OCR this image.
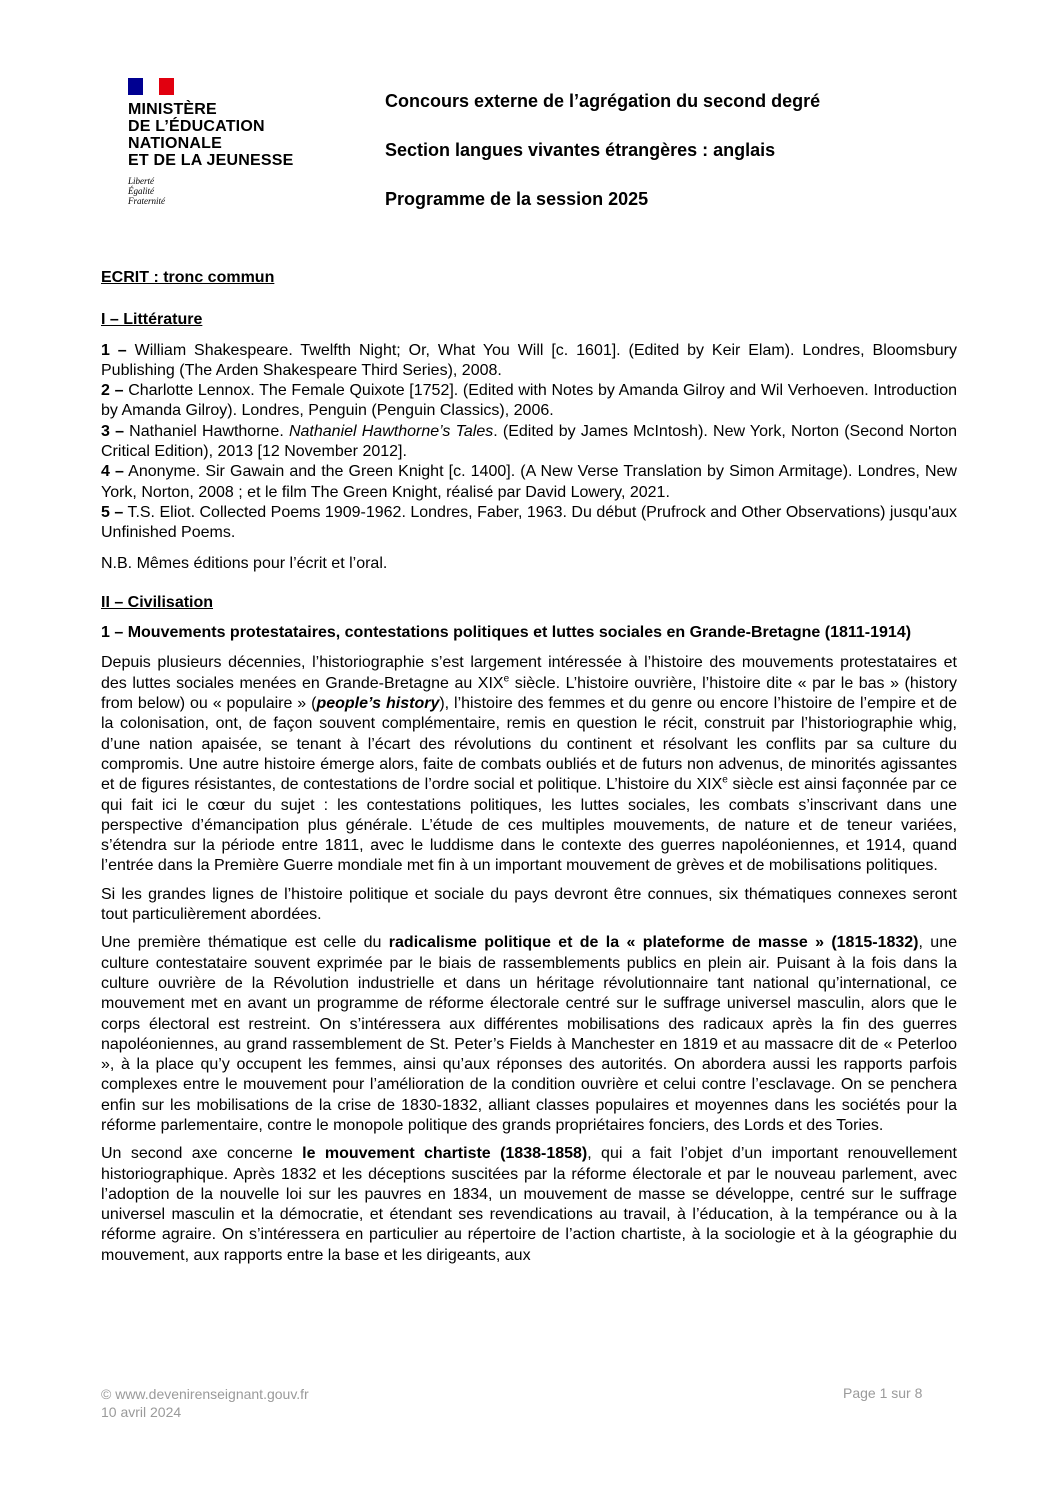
MINISTÈRE
DE L’ÉDUCATION
NATIONALE
ET DE LA JEUNESSE
Liberté
Égalité
Fraternité
Concours externe de l’agrégation du second degré
Section langues vivantes étrangères : anglais
Programme de la session 2025
ECRIT : tronc commun
I – Littérature

1 – William Shakespeare. Twelfth Night; Or, What You Will [c. 1601]. (Edited by Keir Elam). Londres, Bloomsbury Publishing (The Arden Shakespeare Third Series), 2008.

2 – Charlotte Lennox. The Female Quixote [1752]. (Edited with Notes by Amanda Gilroy and Wil Verhoeven. Introduction by Amanda Gilroy). Londres, Penguin (Penguin Classics), 2006.

3 – Nathaniel Hawthorne. Nathaniel Hawthorne’s Tales. (Edited by James McIntosh). New York, Norton (Second Norton Critical Edition), 2013 [12 November 2012].

4 – Anonyme. Sir Gawain and the Green Knight [c. 1400]. (A New Verse Translation by Simon Armitage). Londres, New York, Norton, 2008 ; et le film The Green Knight, réalisé par David Lowery, 2021.

5 – T.S. Eliot. Collected Poems 1909-1962. Londres, Faber, 1963. Du début (Prufrock and Other Observations) jusqu'aux Unfinished Poems.

N.B. Mêmes éditions pour l’écrit et l’oral.

II – Civilisation

1 – Mouvements protestataires, contestations politiques et luttes sociales en Grande-Bretagne (1811-1914)

Depuis plusieurs décennies, l’historiographie s’est largement intéressée à l’histoire des mouvements protestataires et des luttes sociales menées en Grande-Bretagne au XIXe siècle. L’histoire ouvrière, l’histoire dite « par le bas » (history from below) ou « populaire » (people’s history), l’histoire des femmes et du genre ou encore l’histoire de l’empire et de la colonisation, ont, de façon souvent complémentaire, remis en question le récit, construit par l’historiographie whig, d’une nation apaisée, se tenant à l’écart des révolutions du continent et résolvant les conflits par sa culture du compromis. Une autre histoire émerge alors, faite de combats oubliés et de futurs non advenus, de minorités agissantes et de figures résistantes, de contestations de l’ordre social et politique. L’histoire du XIXe siècle est ainsi façonnée par ce qui fait ici le cœur du sujet : les contestations politiques, les luttes sociales, les combats s’inscrivant dans une perspective d’émancipation plus générale. L’étude de ces multiples mouvements, de nature et de teneur variées, s’étendra sur la période entre 1811, avec le luddisme dans le contexte des guerres napoléoniennes, et 1914, quand l’entrée dans la Première Guerre mondiale met fin à un important mouvement de grèves et de mobilisations politiques.

Si les grandes lignes de l’histoire politique et sociale du pays devront être connues, six thématiques connexes seront tout particulièrement abordées.

Une première thématique est celle du radicalisme politique et de la « plateforme de masse » (1815-1832), une culture contestataire souvent exprimée par le biais de rassemblements publics en plein air. Puisant à la fois dans la culture ouvrière de la Révolution industrielle et dans un héritage révolutionnaire tant national qu’international, ce mouvement met en avant un programme de réforme électorale centré sur le suffrage universel masculin, alors que le corps électoral est restreint. On s’intéressera aux différentes mobilisations des radicaux après la fin des guerres napoléoniennes, au grand rassemblement de St. Peter’s Fields à Manchester en 1819 et au massacre dit de « Peterloo », à la place qu’y occupent les femmes, ainsi qu’aux réponses des autorités. On abordera aussi les rapports parfois complexes entre le mouvement pour l’amélioration de la condition ouvrière et celui contre l’esclavage. On se penchera enfin sur les mobilisations de la crise de 1830-1832, alliant classes populaires et moyennes dans les sociétés pour la réforme parlementaire, contre le monopole politique des grands propriétaires fonciers, des Lords et des Tories.

Un second axe concerne le mouvement chartiste (1838-1858), qui a fait l’objet d’un important renouvellement historiographique. Après 1832 et les déceptions suscitées par la réforme électorale et par le nouveau parlement, avec l’adoption de la nouvelle loi sur les pauvres en 1834, un mouvement de masse se développe, centré sur le suffrage universel masculin et la démocratie, et étendant ses revendications au travail, à l’éducation, à la tempérance ou à la réforme agraire. On s’intéressera en particulier au répertoire de l’action chartiste, à la sociologie et à la géographie du mouvement, aux rapports entre la base et les dirigeants, aux

© www.devenirenseignant.gouv.fr
10 avril 2024
Page 1 sur 8
